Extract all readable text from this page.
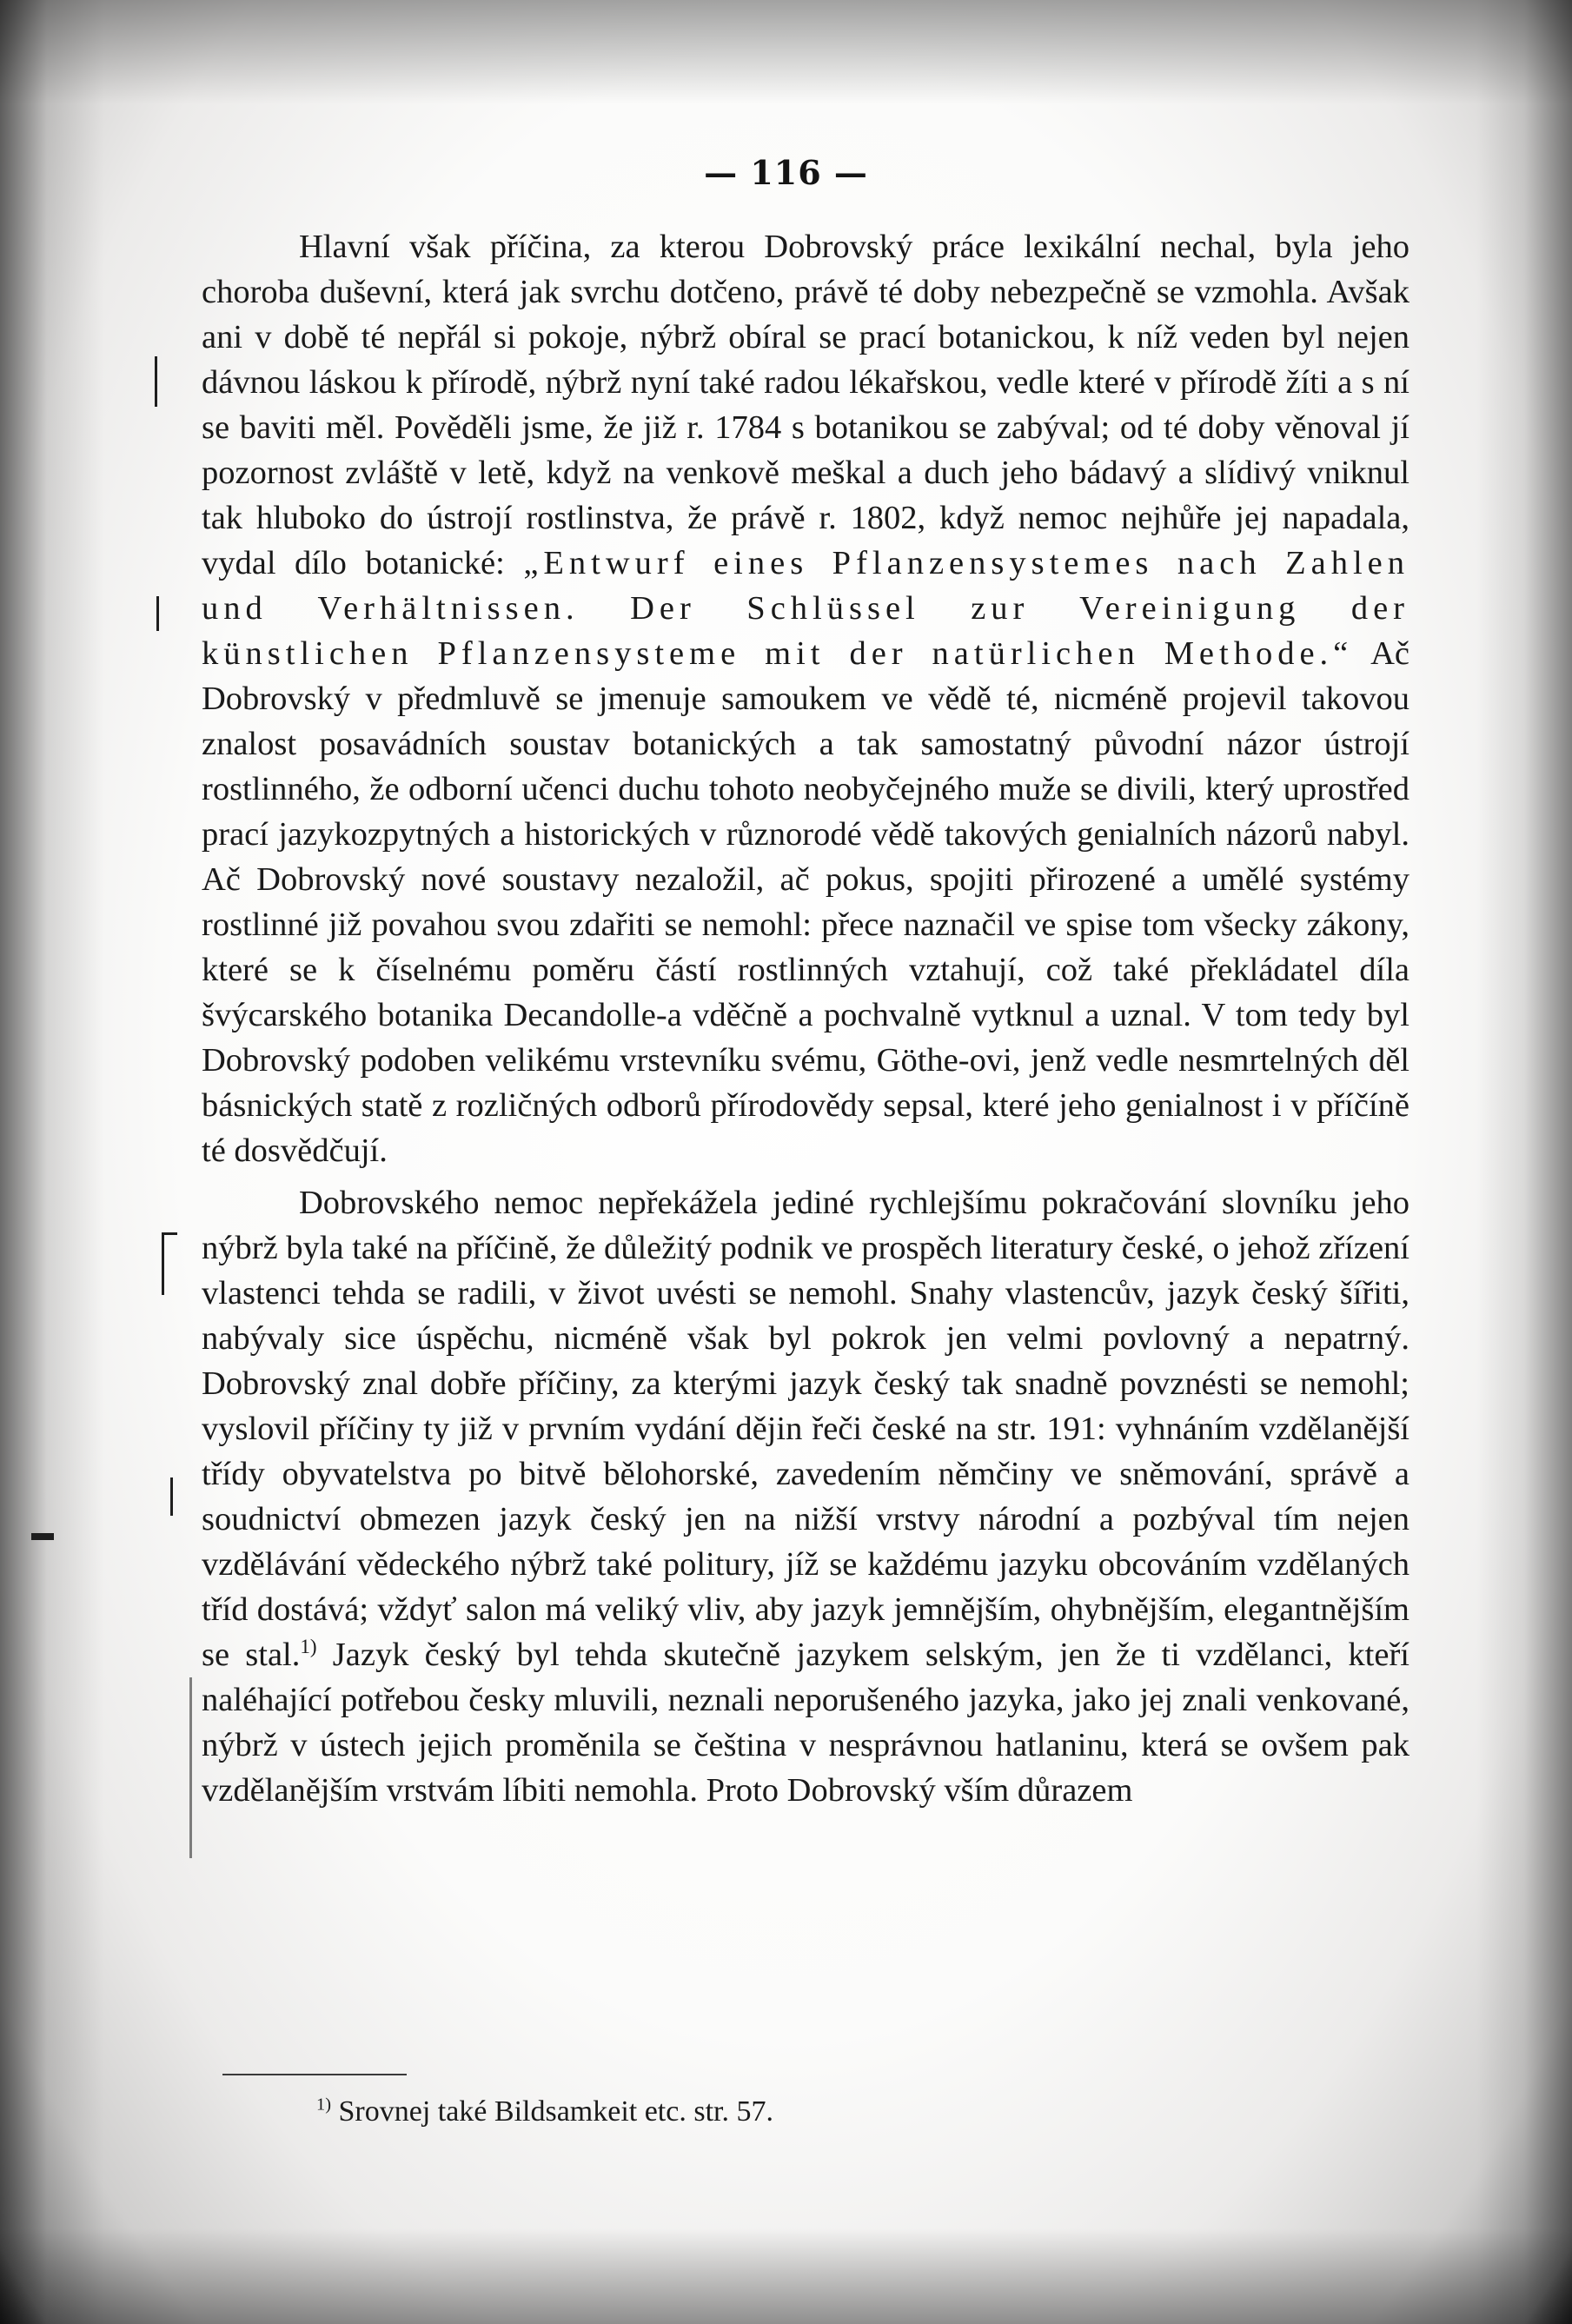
— 116 —

Hlavní však příčina, za kterou Dobrovský práce lexikální nechal, byla jeho choroba duševní, která jak svrchu dotčeno, právě té doby nebezpečně se vzmohla. Avšak ani v době té nepřál si pokoje, nýbrž obíral se prací botanickou, k níž veden byl nejen dávnou láskou k přírodě, nýbrž nyní také radou lékařskou, vedle které v přírodě žíti a s ní se baviti měl. Pověděli jsme, že již r. 1784 s botanikou se zabýval; od té doby věnoval jí pozornost zvláště v letě, když na venkově meškal a duch jeho bádavý a slídivý vniknul tak hluboko do ústrojí rostlinstva, že právě r. 1802, když nemoc nejhůře jej napadala, vydal dílo botanické: „Entwurf eines Pflanzensystemes nach Zahlen und Verhältnissen. Der Schlüssel zur Vereinigung der künstlichen Pflanzensysteme mit der natürlichen Methode.“ Ač Dobrovský v předmluvě se jmenuje samoukem ve vědě té, nicméně projevil takovou znalost posavádních soustav botanických a tak samostatný původní názor ústrojí rostlinného, že odborní učenci duchu tohoto neobyčejného muže se divili, který uprostřed prací jazykozpytných a historických v různorodé vědě takových genialních názorů nabyl. Ač Dobrovský nové soustavy nezaložil, ač pokus, spojiti přirozené a umělé systémy rostlinné již povahou svou zdařiti se nemohl: přece naznačil ve spise tom všecky zákony, které se k číselnému poměru částí rostlinných vztahují, což také překládatel díla švýcarského botanika Decandolle-a vděčně a pochvalně vytknul a uznal. V tom tedy byl Dobrovský podoben velikému vrstevníku svému, Göthe-ovi, jenž vedle nesmrtelných děl básnických statě z rozličných odborů přírodovědy sepsal, které jeho genialnost i v příčíně té dosvědčují.

Dobrovského nemoc nepřekážela jediné rychlejšímu pokračování slovníku jeho nýbrž byla také na příčině, že důležitý podnik ve prospěch literatury české, o jehož zřízení vlastenci tehda se radili, v život uvésti se nemohl. Snahy vlastencův, jazyk český šířiti, nabývaly sice úspěchu, nicméně však byl pokrok jen velmi povlovný a nepatrný. Dobrovský znal dobře příčiny, za kterými jazyk český tak snadně povznésti se nemohl; vyslovil příčiny ty již v prvním vydání dějin řeči české na str. 191: vyhnáním vzdělanější třídy obyvatelstva po bitvě bělohorské, zavedením němčiny ve sněmování, správě a soudnictví obmezen jazyk český jen na nižší vrstvy národní a pozbýval tím nejen vzdělávání vědeckého nýbrž také politury, jíž se každému jazyku obcováním vzdělaných tříd dostává; vždyť salon má veliký vliv, aby jazyk jemnějším, ohybnějším, elegantnějším se stal.$^{1)}$ Jazyk český byl tehda skutečně jazykem selským, jen že ti vzdělanci, kteří naléhající potřebou česky mluvili, neznali neporušeného jazyka, jako jej znali venkované, nýbrž v ústech jejich proměnila se čeština v nesprávnou hatlaninu, která se ovšem pak vzdělanějším vrstvám líbiti nemohla. Proto Dobrovský vším důrazem

$^{1)}$ Srovnej také Bildsamkeit etc. str. 57.
